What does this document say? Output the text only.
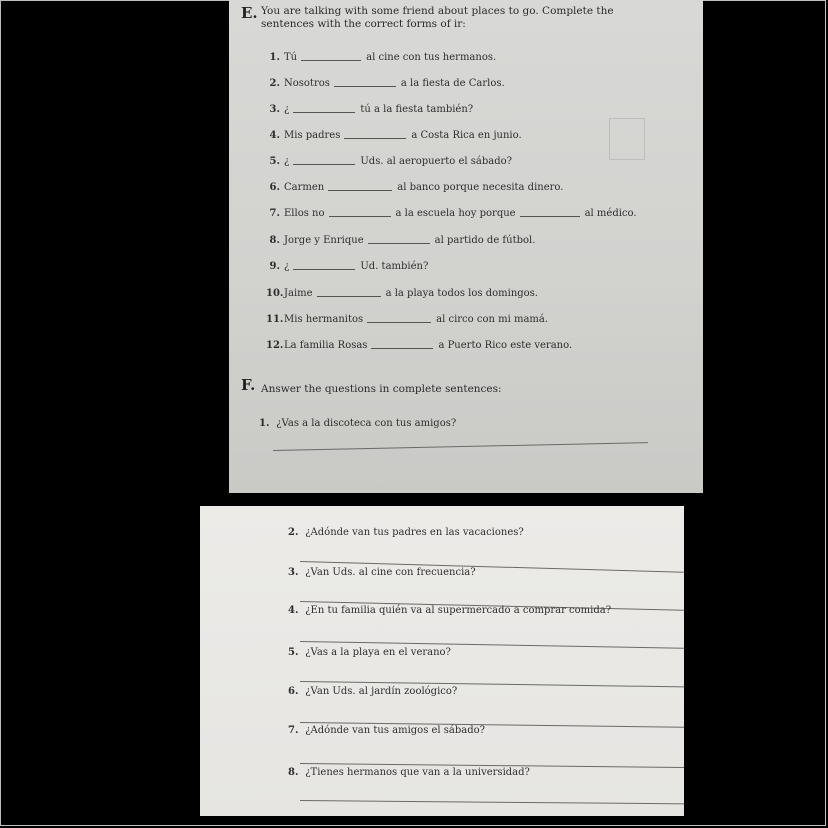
E. You are talking with some friend about places to go. Complete the sentences with the correct forms of ir:
1. Tú	al cine con tus hermanos.
2. Nosotros	a la fiesta de Carlos.
3. ¿	tú a la fiesta también?
4. Mis padres	a Costa Rica en junio.
5. ¿	Uds. al aeropuerto el sábado?
6. Carmen	al banco porque necesita dinero.
7. Ellos no	a la escuela hoy porque	al médico.
8. Jorge y Enrique	al partido de fútbol.
9. ¿	Ud. también?
10. Jaime	a la playa todos los domingos.
11. Mis hermanitos	al circo con mi mamá.
12. La familia Rosas	a Puerto Rico este verano.
F. Answer the questions in complete sentences:
1. ¿Vas a la discoteca con tus amigos?
2. ¿Adónde van tus padres en las vacaciones?
3. ¿Van Uds. al cine con frecuencia?
4. ¿En tu familia quién va al supermercado a comprar comida?
5. ¿Vas a la playa en el verano?
6. ¿Van Uds. al jardín zoológico?
7. ¿Adónde van tus amigos el sábado?
8. ¿Tienes hermanos que van a la universidad?
